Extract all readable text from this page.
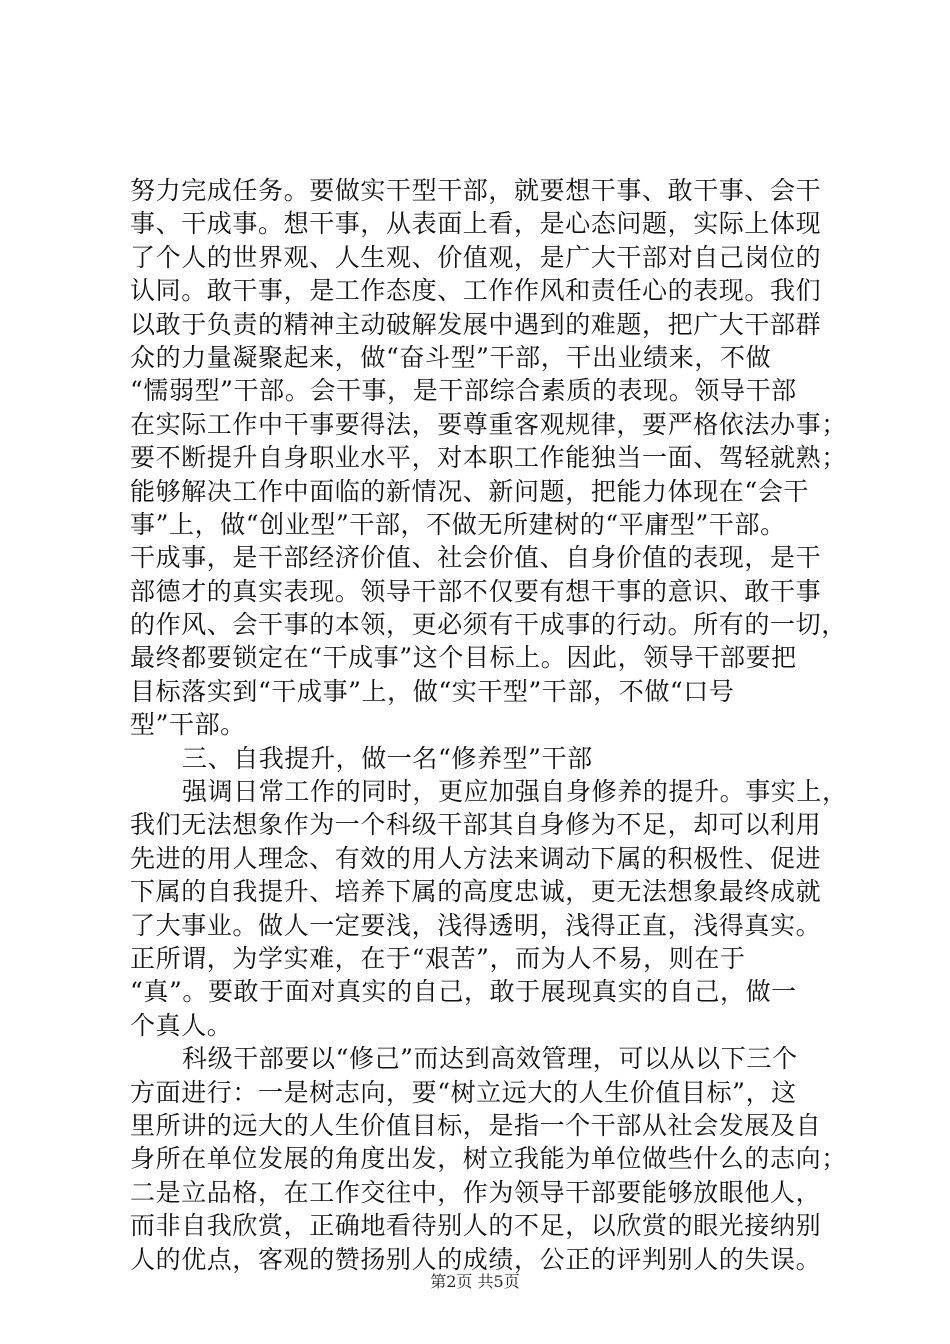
努力完成任务。要做实干型干部，就要想干事、敢干事、会干
事、干成事。想干事，从表面上看，是心态问题，实际上体现
了个人的世界观、人生观、价值观，是广大干部对自己岗位的
认同。敢干事，是工作态度、工作作风和责任心的表现。我们
以敢于负责的精神主动破解发展中遇到的难题，把广大干部群
众的力量凝聚起来，做“奋斗型”干部，干出业绩来，不做
“懦弱型”干部。会干事，是干部综合素质的表现。领导干部
在实际工作中干事要得法，要尊重客观规律，要严格依法办事；
要不断提升自身职业水平，对本职工作能独当一面、驾轻就熟；
能够解决工作中面临的新情况、新问题，把能力体现在“会干
事”上，做“创业型”干部，不做无所建树的“平庸型”干部。
干成事，是干部经济价值、社会价值、自身价值的表现，是干
部德才的真实表现。领导干部不仅要有想干事的意识、敢干事
的作风、会干事的本领，更必须有干成事的行动。所有的一切，
最终都要锁定在“干成事”这个目标上。因此，领导干部要把
目标落实到“干成事”上，做“实干型”干部，不做“口号
型”干部。
三、自我提升，做一名“修养型”干部
强调日常工作的同时，更应加强自身修养的提升。事实上，
我们无法想象作为一个科级干部其自身修为不足，却可以利用
先进的用人理念、有效的用人方法来调动下属的积极性、促进
下属的自我提升、培养下属的高度忠诚，更无法想象最终成就
了大事业。做人一定要浅，浅得透明，浅得正直，浅得真实。
正所谓，为学实难，在于“艰苦”，而为人不易，则在于
“真”。要敢于面对真实的自己，敢于展现真实的自己，做一
个真人。
科级干部要以“修己”而达到高效管理，可以从以下三个
方面进行：一是树志向，要“树立远大的人生价值目标”，这
里所讲的远大的人生价值目标，是指一个干部从社会发展及自
身所在单位发展的角度出发，树立我能为单位做些什么的志向；
二是立品格，在工作交往中，作为领导干部要能够放眼他人，
而非自我欣赏，正确地看待别人的不足，以欣赏的眼光接纳别
人的优点，客观的赞扬别人的成绩，公正的评判别人的失误。
第2页 共5页
